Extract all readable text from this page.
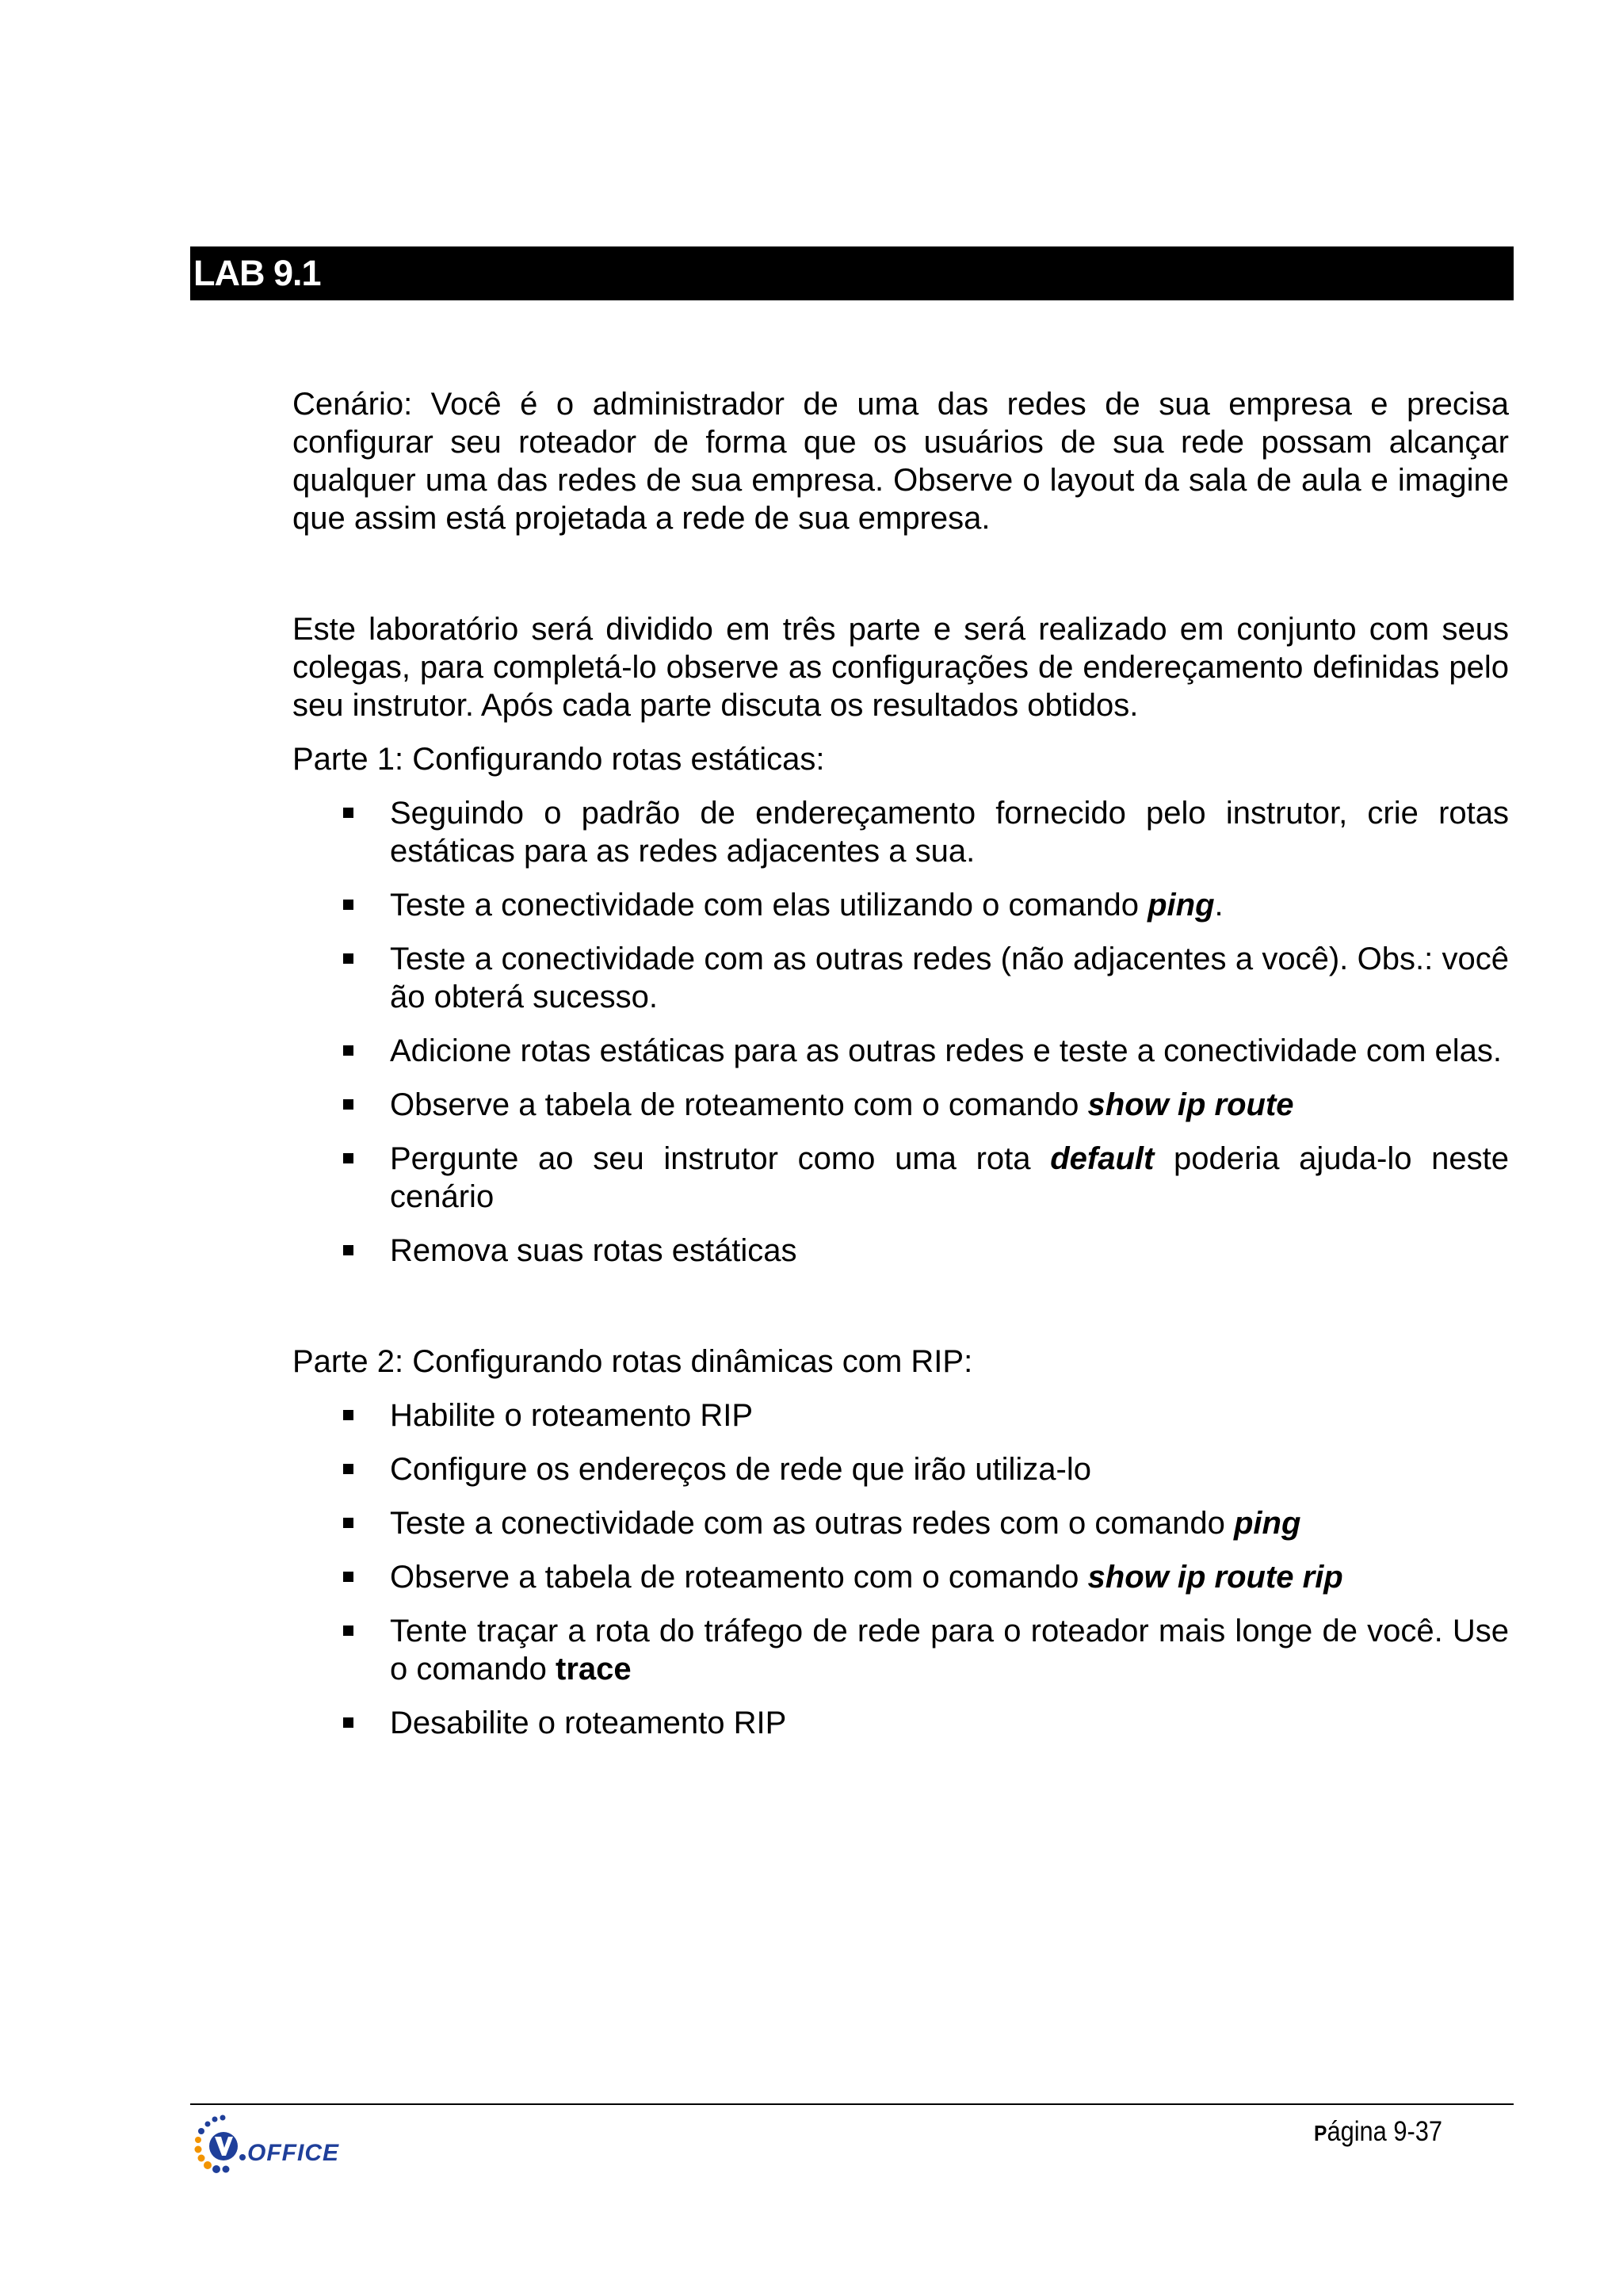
LAB 9.1

Cenário: Você é o administrador de uma das redes de sua empresa e precisa configurar seu roteador de forma que os usuários de sua rede possam alcançar qualquer uma das redes de sua empresa. Observe o layout da sala de aula e imagine que assim está projetada a rede de sua empresa.

Este laboratório será dividido em três parte e será realizado em conjunto com seus colegas, para completá-lo observe as configurações de endereçamento definidas pelo seu instrutor. Após cada parte discuta os resultados obtidos.

Parte 1: Configurando rotas estáticas:

Seguindo o padrão de endereçamento fornecido pelo instrutor, crie rotas estáticas para as redes adjacentes a sua.
Teste a conectividade com elas utilizando o comando ping.
Teste a conectividade com as outras redes (não adjacentes a você). Obs.: você ão obterá sucesso.
Adicione rotas estáticas para as outras redes e teste a conectividade com elas.
Observe a tabela de roteamento com o comando show ip route
Pergunte ao seu instrutor como uma rota default poderia ajuda-lo neste cenário
Remova suas rotas estáticas

Parte 2: Configurando rotas dinâmicas com RIP:

Habilite o roteamento RIP
Configure os endereços de rede que irão utiliza-lo
Teste a conectividade com as outras redes com o comando ping
Observe a tabela de roteamento com o comando show ip route rip
Tente traçar a rota do tráfego de rede para o roteador mais longe de você. Use o comando trace
Desabilite o roteamento RIP
OFFICE
Página 9-37
